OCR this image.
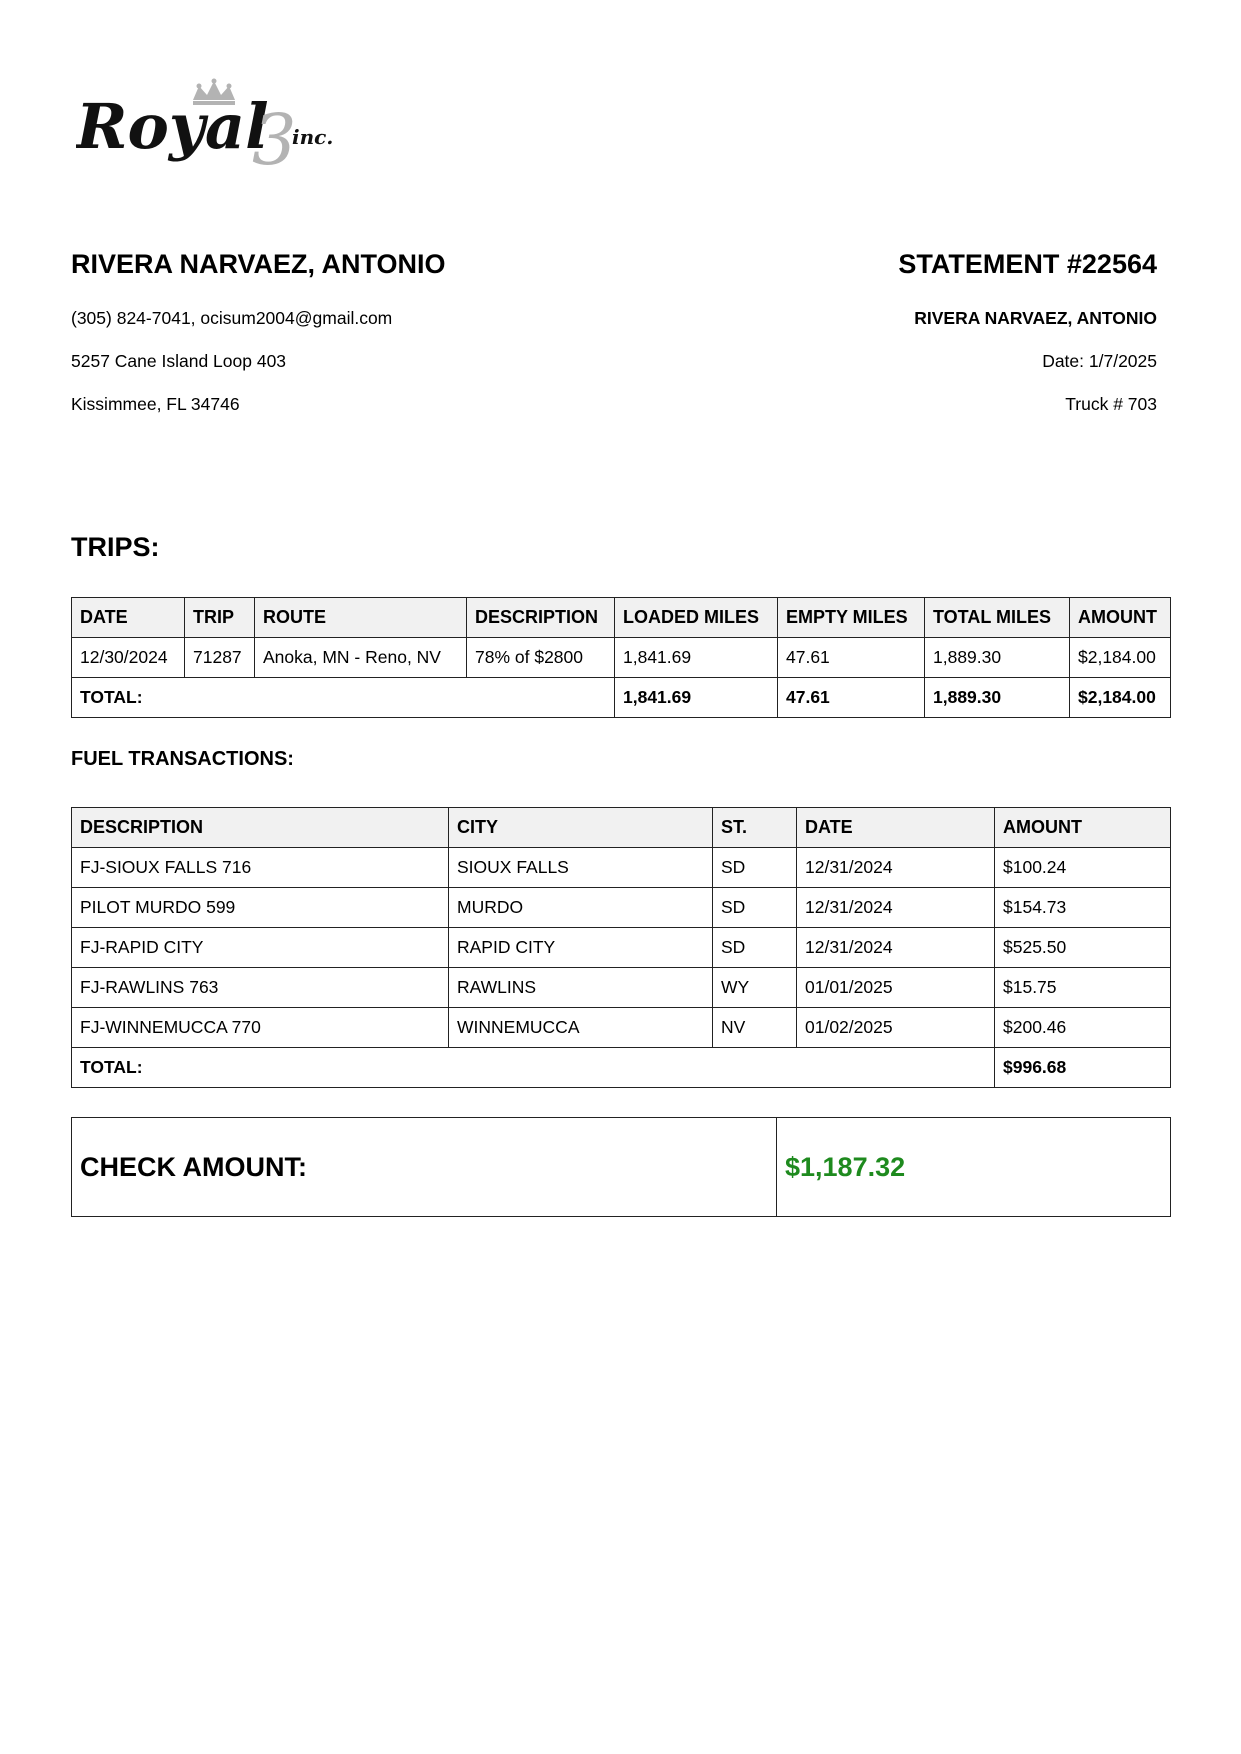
Royal
3
inc.
RIVERA NARVAEZ, ANTONIO	STATEMENT #22564
(305) 824-7041, ocisum2004@gmail.com
5257 Cane Island Loop 403
Kissimmee, FL 34746
RIVERA NARVAEZ, ANTONIO
Date: 1/7/2025
Truck # 703
TRIPS:
DATE	TRIP	ROUTE	DESCRIPTION	LOADED MILES	EMPTY MILES	TOTAL MILES	AMOUNT
12/30/2024	71287	Anoka, MN - Reno, NV	78% of $2800	1,841.69	47.61	1,889.30	$2,184.00
TOTAL:				1,841.69	47.61	1,889.30	$2,184.00
FUEL TRANSACTIONS:
DESCRIPTION	CITY	ST.	DATE	AMOUNT
FJ-SIOUX FALLS 716	SIOUX FALLS	SD	12/31/2024	$100.24
PILOT MURDO 599	MURDO	SD	12/31/2024	$154.73
FJ-RAPID CITY	RAPID CITY	SD	12/31/2024	$525.50
FJ-RAWLINS 763	RAWLINS	WY	01/01/2025	$15.75
FJ-WINNEMUCCA 770	WINNEMUCCA	NV	01/02/2025	$200.46
TOTAL:				$996.68
CHECK AMOUNT:	$1,187.32
